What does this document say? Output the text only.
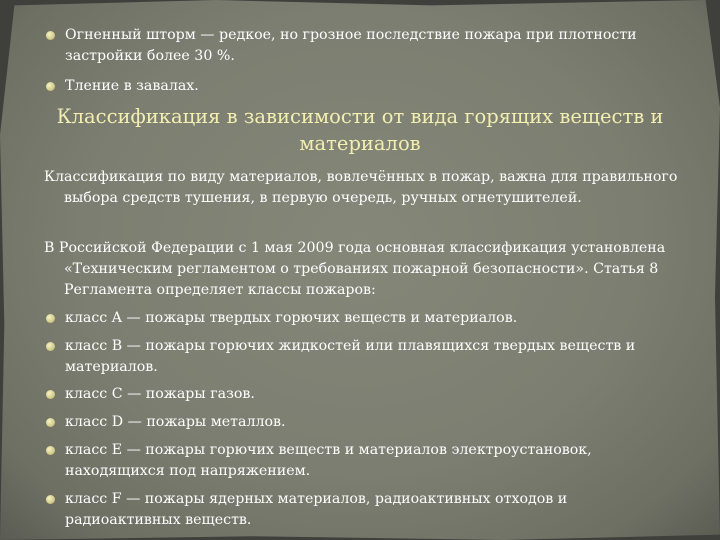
Огненный шторм — редкое, но грозное последствие пожара при плотности застройки более 30 %.
Тление в завалах.
Классификация в зависимости от вида горящих веществ и материалов
Классификация по виду материалов, вовлечённых в пожар, важна для правильного выбора средств тушения, в первую очередь, ручных огнетушителей.
В Российской Федерации с 1 мая 2009 года основная классификация установлена «Техническим регламентом о требованиях пожарной безопасности». Статья 8 Регламента определяет классы пожаров:
класс A — пожары твердых горючих веществ и материалов.
класс B — пожары горючих жидкостей или плавящихся твердых веществ и материалов.
класс C — пожары газов.
класс D — пожары металлов.
класс E — пожары горючих веществ и материалов электроустановок, находящихся под напряжением.
класс F — пожары ядерных материалов, радиоактивных отходов и радиоактивных веществ.
